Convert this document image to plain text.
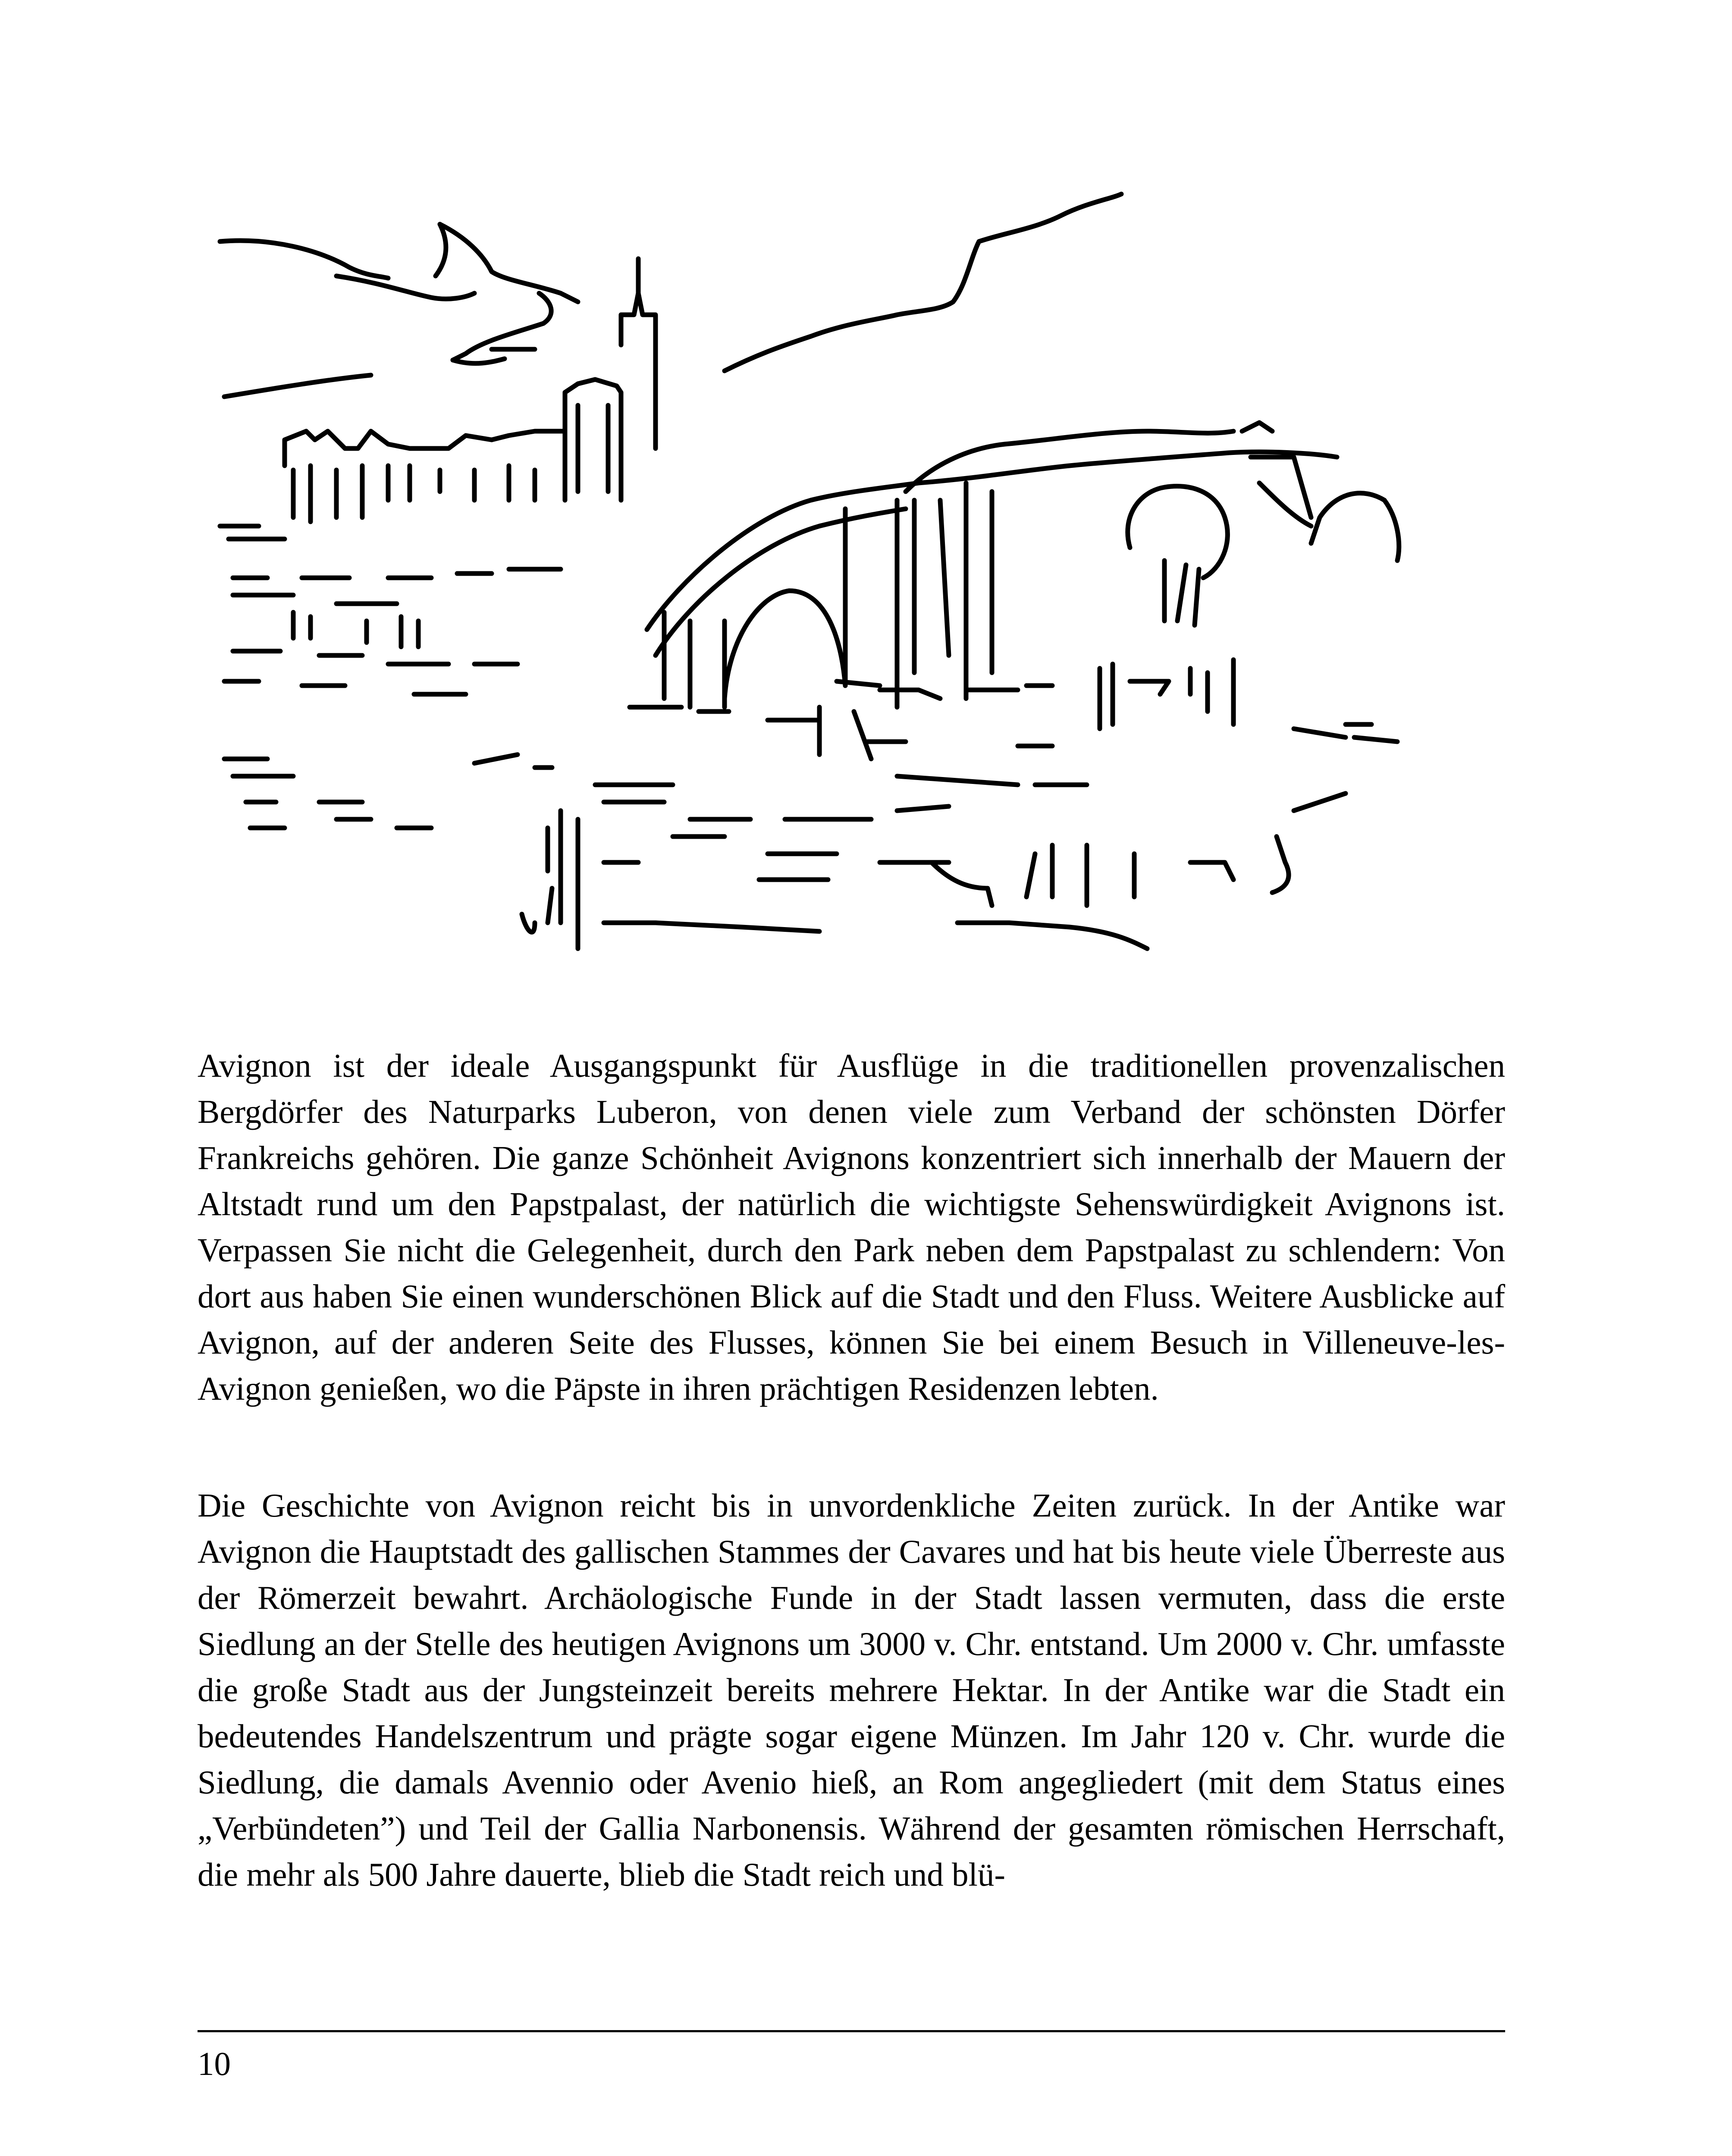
Avignon ist der ideale Ausgangspunkt für Ausflüge in die traditionellen provenzalischen Bergdörfer des Naturparks Luberon, von denen viele zum Verband der schönsten Dörfer Frankreichs gehören. Die ganze Schönheit Avignons konzentriert sich innerhalb der Mauern der Altstadt rund um den Papstpalast, der natürlich die wichtigste Sehenswürdigkeit Avignons ist. Verpassen Sie nicht die Gelegenheit, durch den Park neben dem Papstpalast zu schlendern: Von dort aus haben Sie einen wunderschönen Blick auf die Stadt und den Fluss. Weitere Ausblicke auf Avignon, auf der anderen Seite des Flusses, können Sie bei einem Besuch in Villeneuve-les-Avignon genießen, wo die Päpste in ihren prächtigen Residenzen lebten.

Die Geschichte von Avignon reicht bis in unvordenkliche Zeiten zurück. In der Antike war Avignon die Hauptstadt des gallischen Stammes der Cavares und hat bis heute viele Überreste aus der Römerzeit bewahrt. Archäologische Funde in der Stadt lassen vermuten, dass die erste Siedlung an der Stelle des heutigen Avignons um 3000 v. Chr. entstand. Um 2000 v. Chr. umfasste die große Stadt aus der Jungsteinzeit bereits mehrere Hektar. In der Antike war die Stadt ein bedeutendes Handelszentrum und prägte sogar eigene Münzen. Im Jahr 120 v. Chr. wurde die Siedlung, die damals Avennio oder Avenio hieß, an Rom angegliedert (mit dem Status eines „Verbündeten”) und Teil der Gallia Narbonensis. Während der gesamten römischen Herrschaft, die mehr als 500 Jahre dauerte, blieb die Stadt reich und blü-

10
